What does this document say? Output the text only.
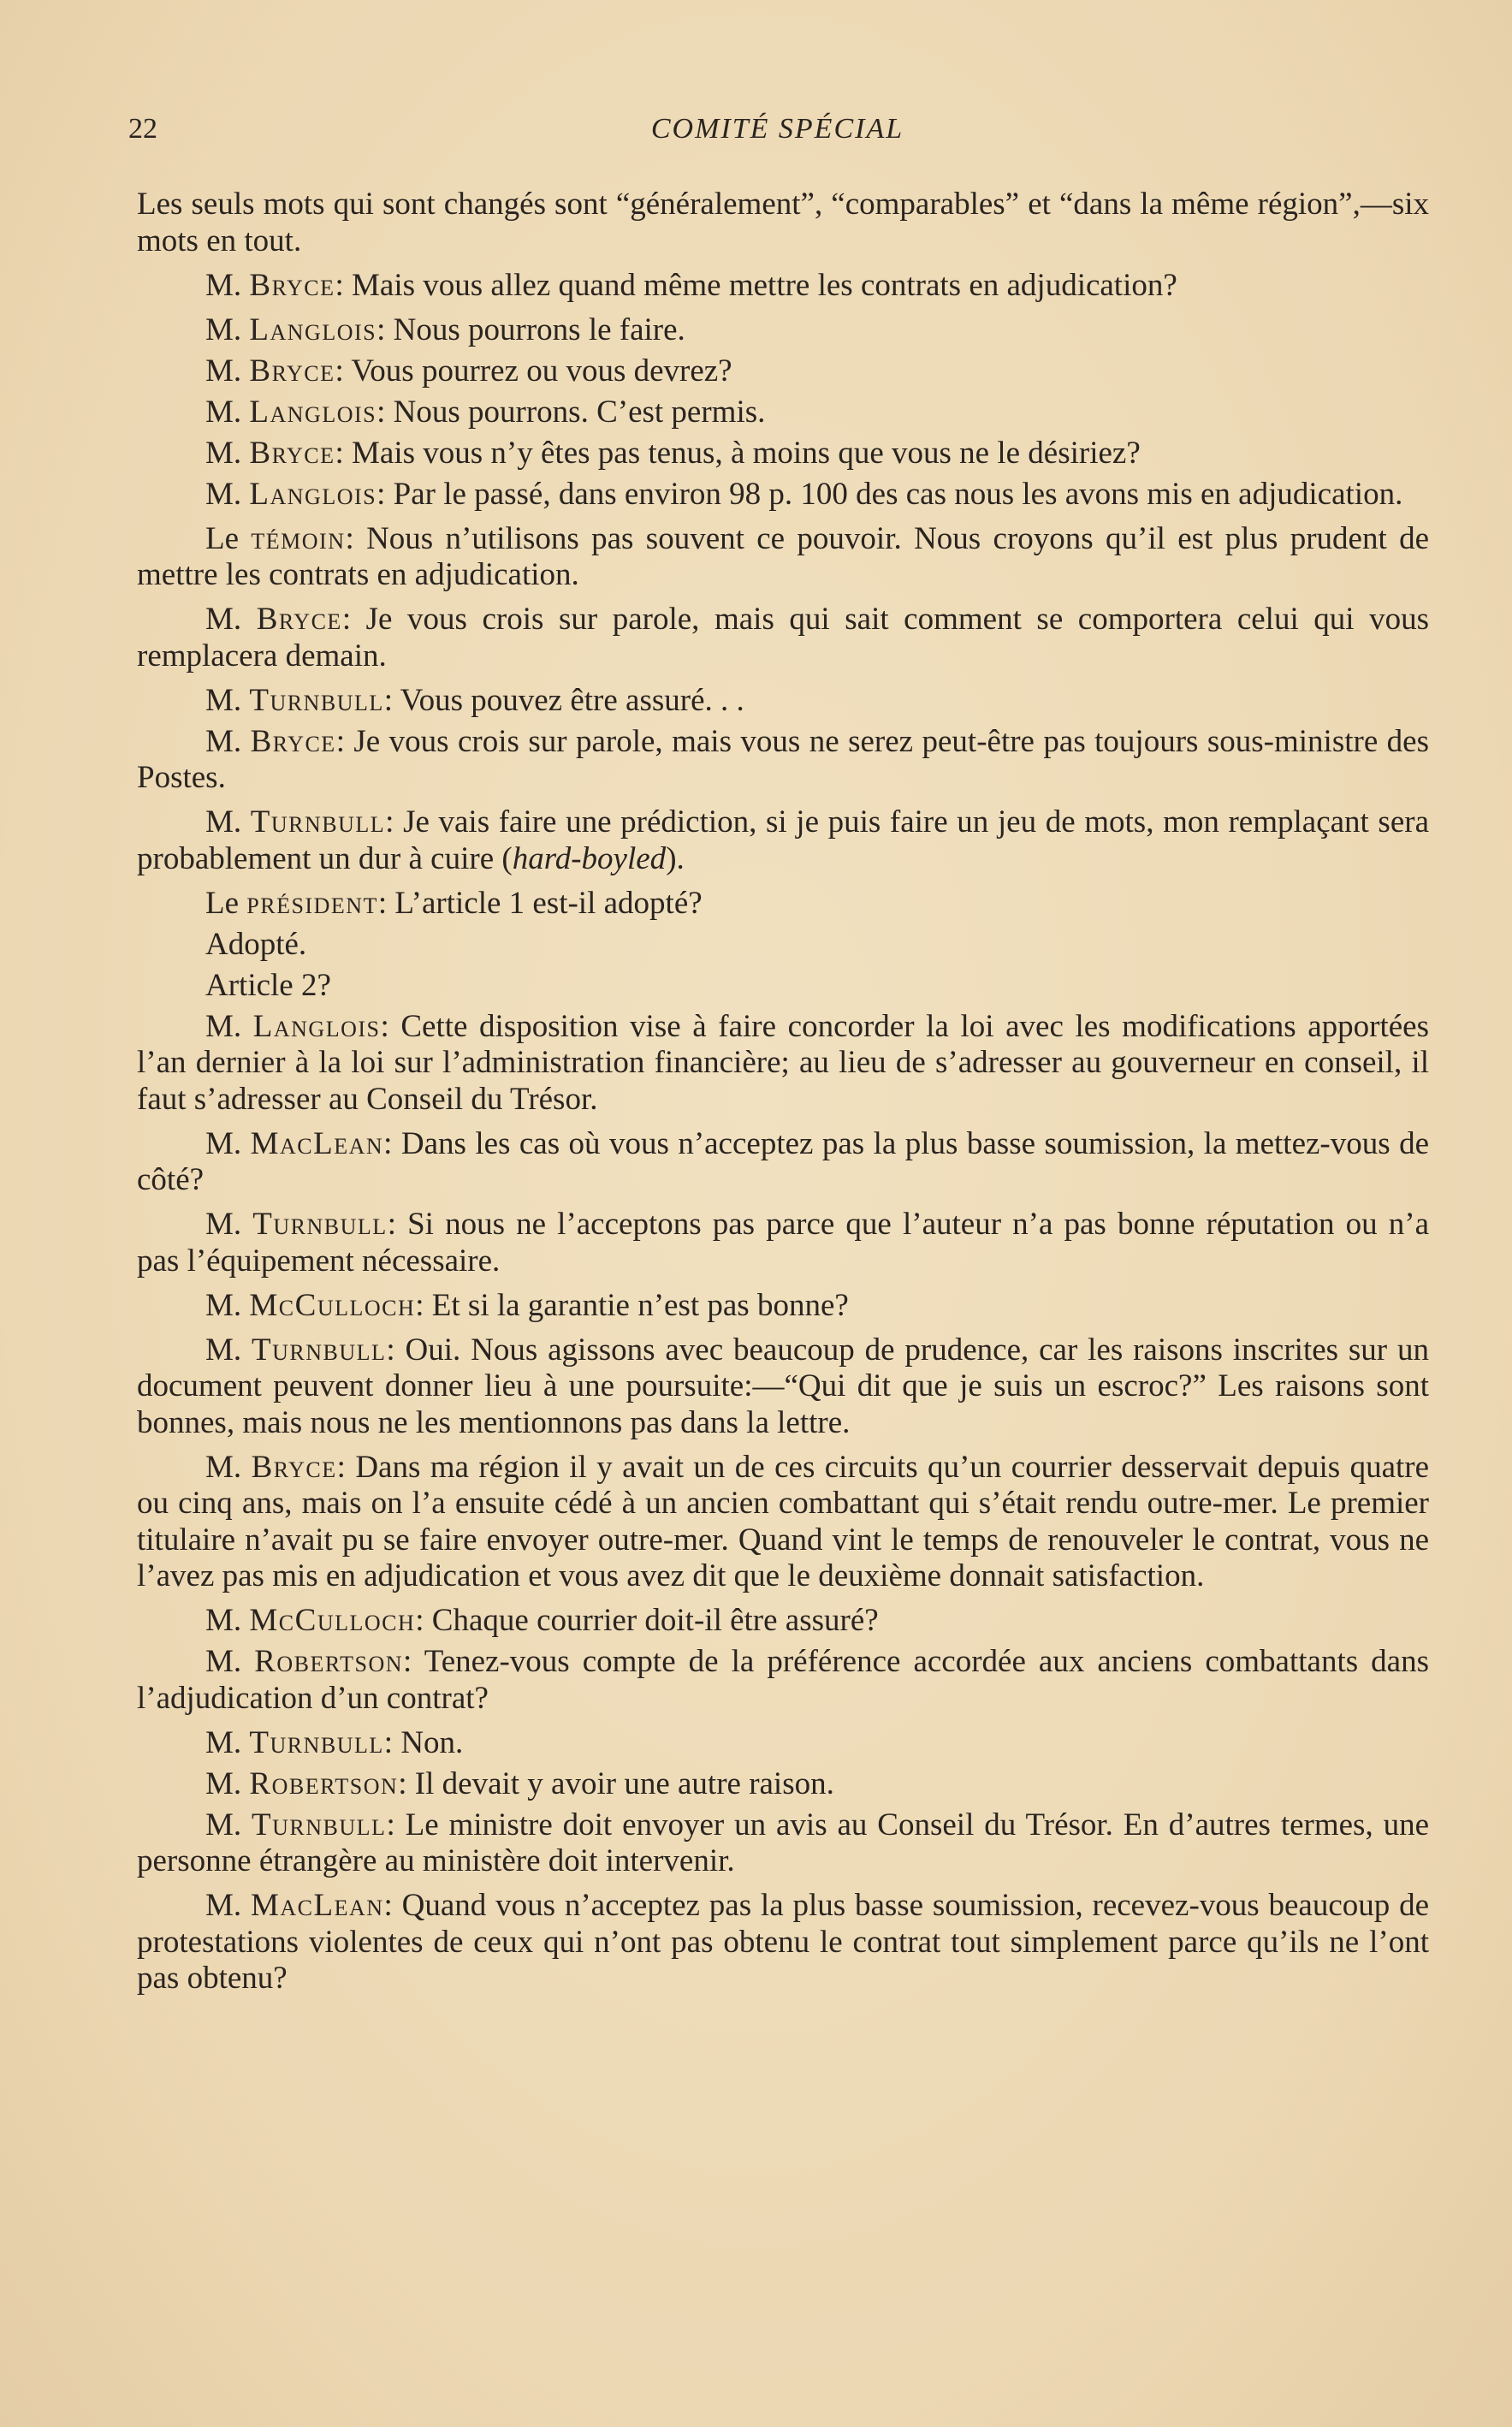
22	COMITÉ SPÉCIAL

Les seuls mots qui sont changés sont “généralement”, “comparables” et “dans la même région”,—six mots en tout.

M. Bryce: Mais vous allez quand même mettre les contrats en adjudication?

M. Langlois: Nous pourrons le faire.

M. Bryce: Vous pourrez ou vous devrez?

M. Langlois: Nous pourrons. C’est permis.

M. Bryce: Mais vous n’y êtes pas tenus, à moins que vous ne le désiriez?

M. Langlois: Par le passé, dans environ 98 p. 100 des cas nous les avons mis en adjudication.

Le témoin: Nous n’utilisons pas souvent ce pouvoir. Nous croyons qu’il est plus prudent de mettre les contrats en adjudication.

M. Bryce: Je vous crois sur parole, mais qui sait comment se comportera celui qui vous remplacera demain.

M. Turnbull: Vous pouvez être assuré. . .

M. Bryce: Je vous crois sur parole, mais vous ne serez peut-être pas toujours sous-ministre des Postes.

M. Turnbull: Je vais faire une prédiction, si je puis faire un jeu de mots, mon remplaçant sera probablement un dur à cuire (hard-boyled).

Le président: L’article 1 est-il adopté?

Adopté.

Article 2?

M. Langlois: Cette disposition vise à faire concorder la loi avec les modifications apportées l’an dernier à la loi sur l’administration financière; au lieu de s’adresser au gouverneur en conseil, il faut s’adresser au Conseil du Trésor.

M. MacLean: Dans les cas où vous n’acceptez pas la plus basse soumission, la mettez-vous de côté?

M. Turnbull: Si nous ne l’acceptons pas parce que l’auteur n’a pas bonne réputation ou n’a pas l’équipement nécessaire.

M. McCulloch: Et si la garantie n’est pas bonne?

M. Turnbull: Oui. Nous agissons avec beaucoup de prudence, car les raisons inscrites sur un document peuvent donner lieu à une poursuite:—“Qui dit que je suis un escroc?” Les raisons sont bonnes, mais nous ne les mentionnons pas dans la lettre.

M. Bryce: Dans ma région il y avait un de ces circuits qu’un courrier desservait depuis quatre ou cinq ans, mais on l’a ensuite cédé à un ancien combattant qui s’était rendu outre-mer. Le premier titulaire n’avait pu se faire envoyer outre-mer. Quand vint le temps de renouveler le contrat, vous ne l’avez pas mis en adjudication et vous avez dit que le deuxième donnait satisfaction.

M. McCulloch: Chaque courrier doit-il être assuré?

M. Robertson: Tenez-vous compte de la préférence accordée aux anciens combattants dans l’adjudication d’un contrat?

M. Turnbull: Non.

M. Robertson: Il devait y avoir une autre raison.

M. Turnbull: Le ministre doit envoyer un avis au Conseil du Trésor. En d’autres termes, une personne étrangère au ministère doit intervenir.

M. MacLean: Quand vous n’acceptez pas la plus basse soumission, recevez-vous beaucoup de protestations violentes de ceux qui n’ont pas obtenu le contrat tout simplement parce qu’ils ne l’ont pas obtenu?
